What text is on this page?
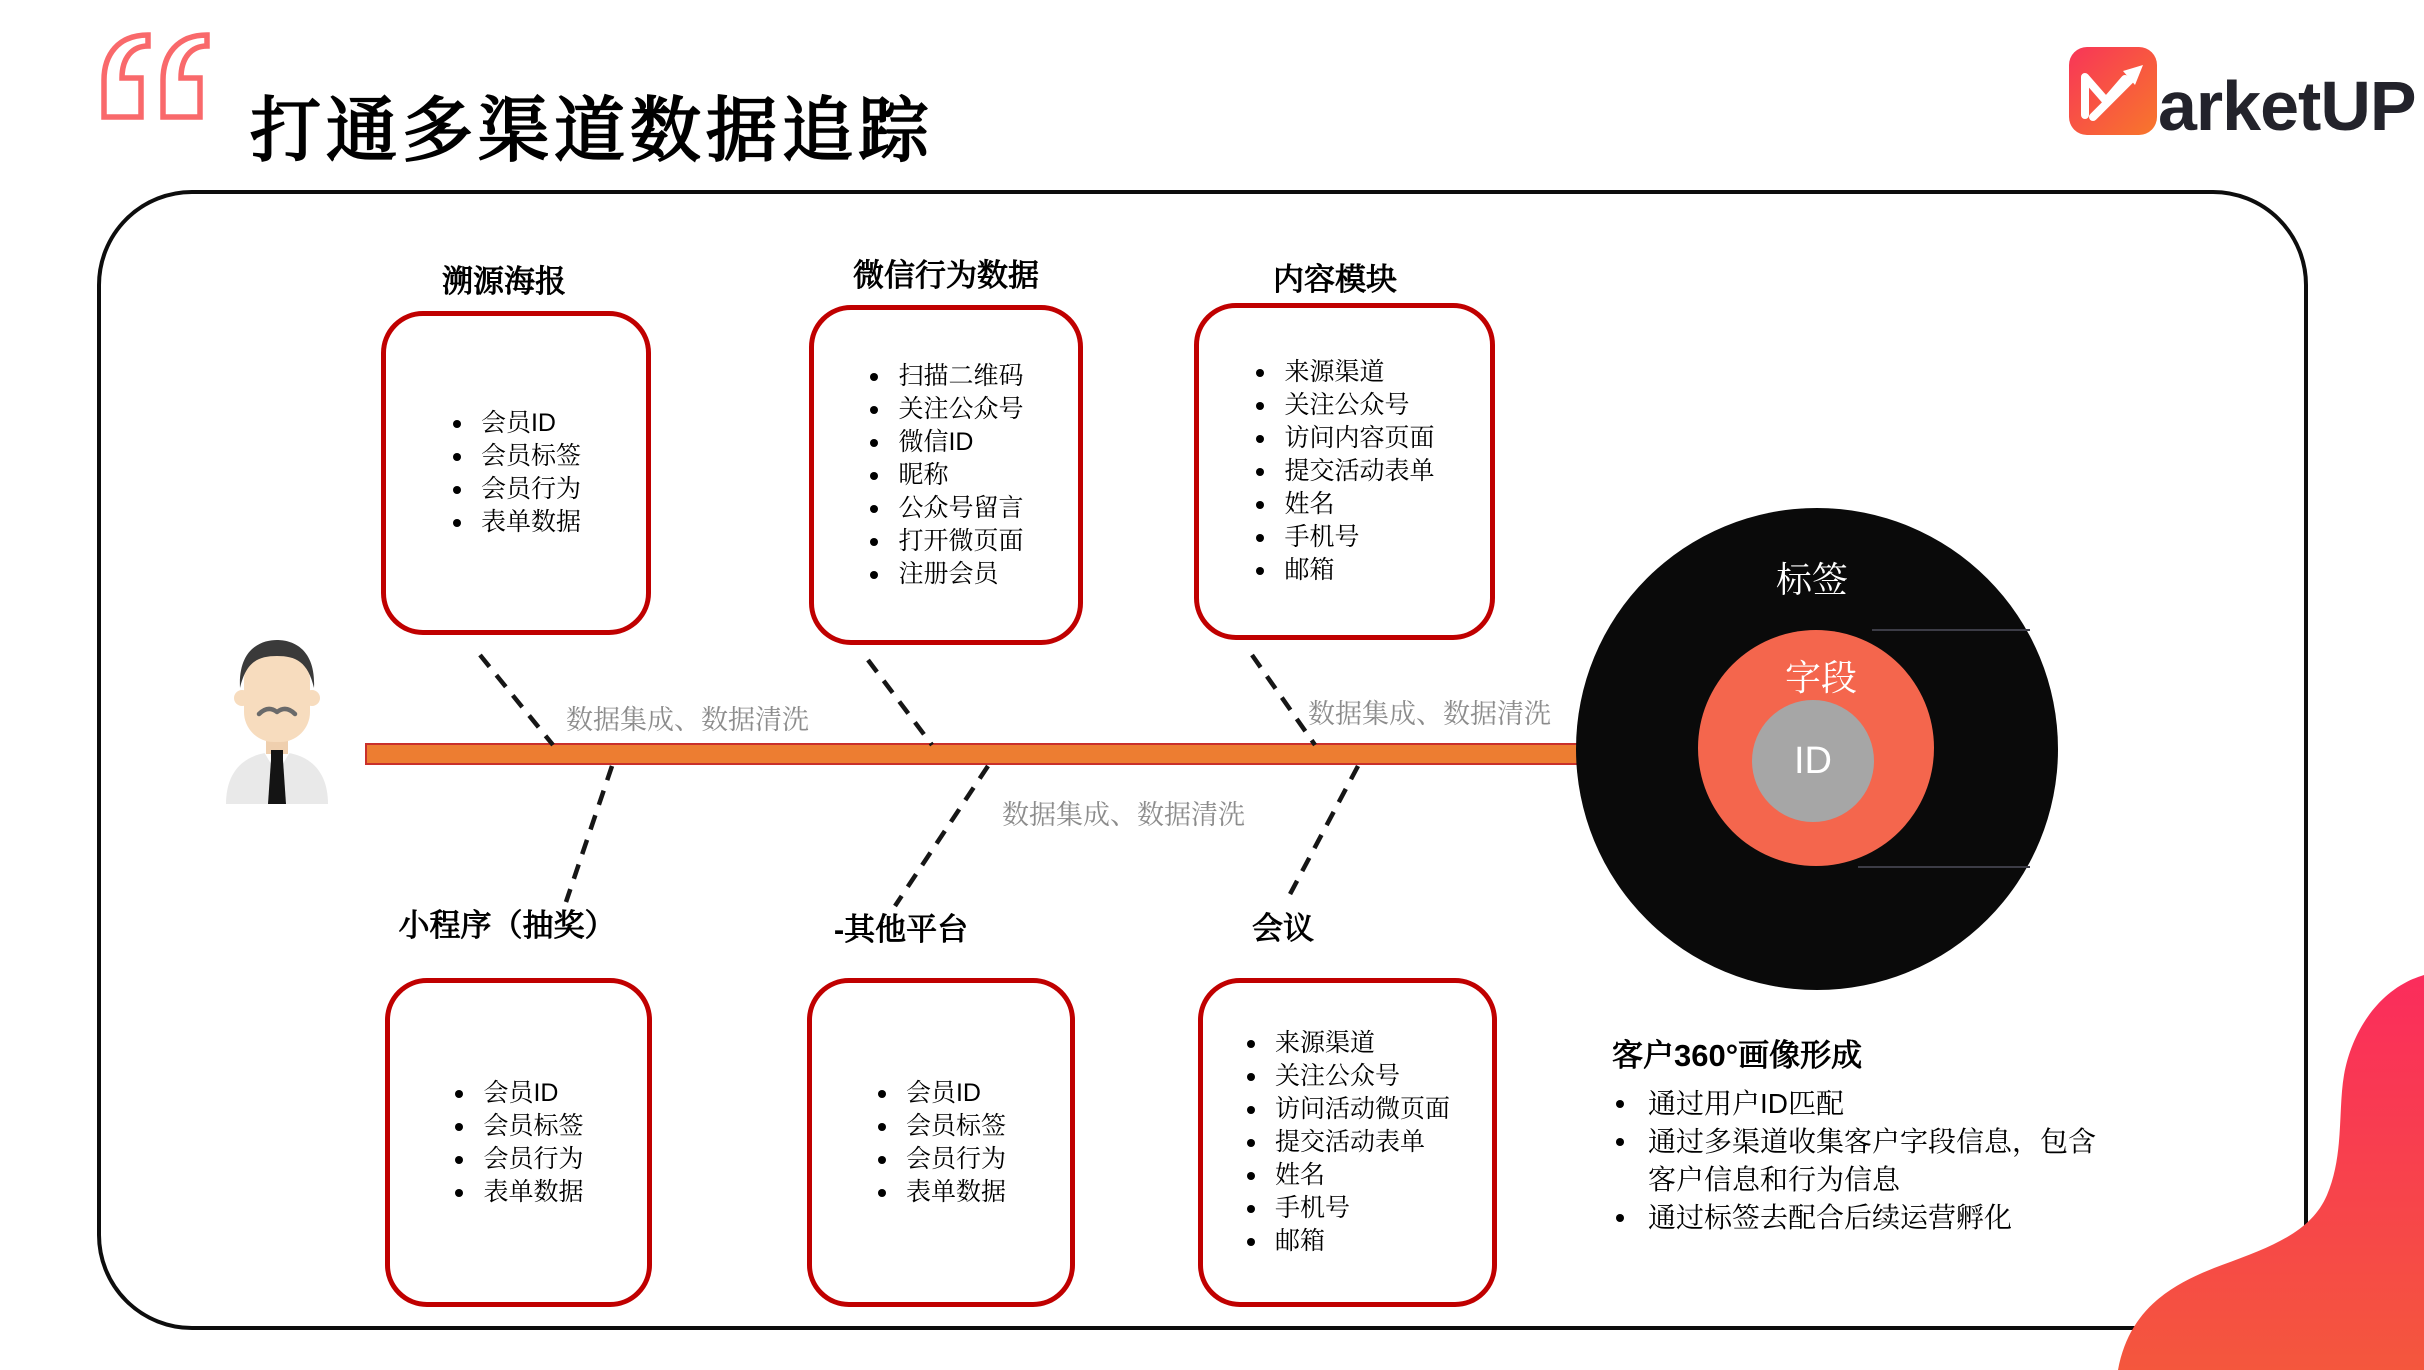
打通多渠道数据追踪	arketUP
溯源海报
会员ID
会员标签
会员行为
表单数据
微信行为数据
扫描二维码
关注公众号
微信ID
昵称
公众号留言
打开微页面
注册会员
内容模块
来源渠道
关注公众号
访问内容页面
提交活动表单
姓名
手机号
邮箱
小程序（抽奖）
会员ID
会员标签
会员行为
表单数据
-其他平台
会员ID
会员标签
会员行为
表单数据
会议
来源渠道
关注公众号
访问活动微页面
提交活动表单
姓名
手机号
邮箱
数据集成、数据清洗	数据集成、数据清洗
数据集成、数据清洗
ID
标签
字段
客户360°画像形成
通过用户ID匹配
通过多渠道收集客户字段信息，包含客户信息和行为信息
通过标签去配合后续运营孵化
